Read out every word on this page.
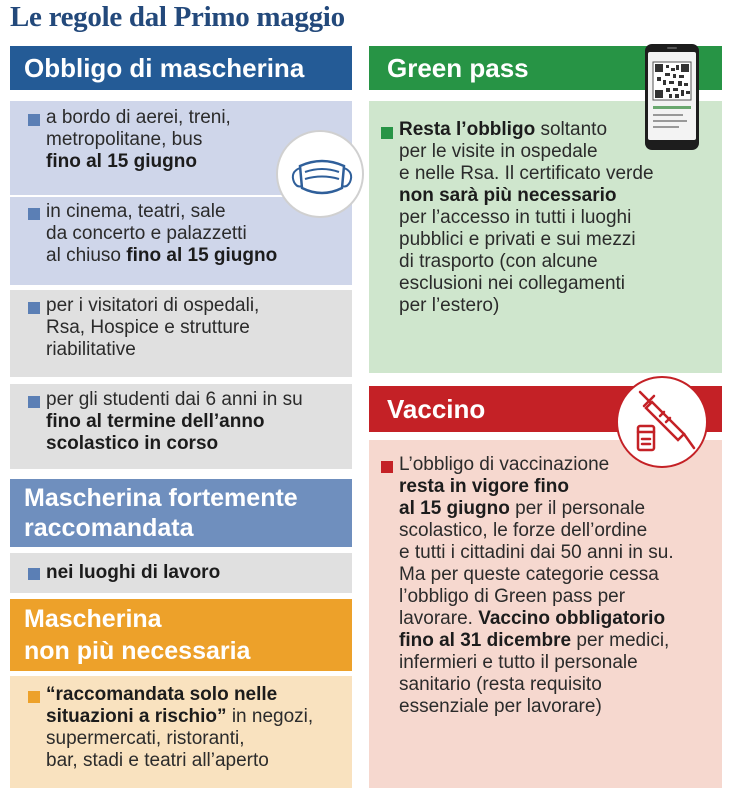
Le regole dal Primo maggio
Obbligo di mascherina
a bordo di aerei, treni,
metropolitane, bus
fino al 15 giugno
in cinema, teatri, sale
da concerto e palazzetti
al chiuso fino al 15 giugno
per i visitatori di ospedali,
Rsa, Hospice e strutture
riabilitative
per gli studenti dai 6 anni in su
fino al termine dell’anno
scolastico in corso
Mascherina fortemente
raccomandata
nei luoghi di lavoro
Mascherina
non più necessaria
“raccomandata solo nelle
situazioni a rischio” in negozi,
supermercati, ristoranti,
bar, stadi e teatri all’aperto
Green pass
Resta l’obbligo soltanto
per le visite in ospedale
e nelle Rsa. Il certificato verde
non sarà più necessario
per l’accesso in tutti i luoghi
pubblici e privati e sui mezzi
di trasporto (con alcune
esclusioni nei collegamenti
per l’estero)
Vaccino
L’obbligo di vaccinazione
resta in vigore fino
al 15 giugno per il personale
scolastico, le forze dell’ordine
e tutti i cittadini dai 50 anni in su.
Ma per queste categorie cessa
l’obbligo di Green pass per
lavorare. Vaccino obbligatorio
fino al 31 dicembre per medici,
infermieri e tutto il personale
sanitario (resta requisito
essenziale per lavorare)
